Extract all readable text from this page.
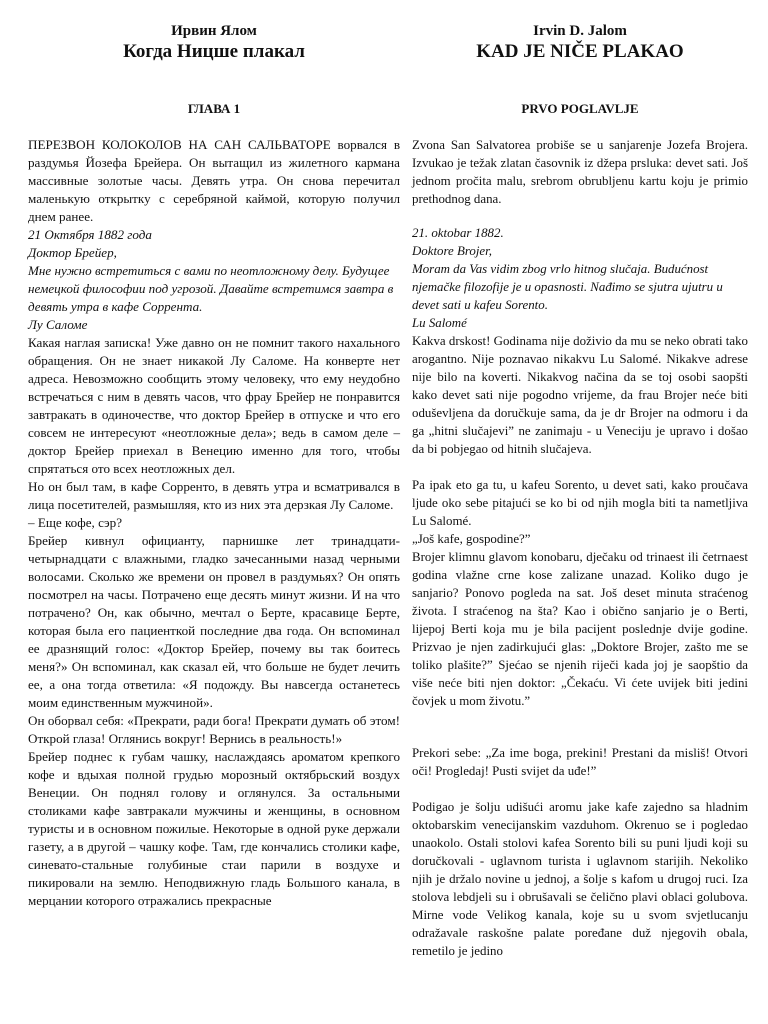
Ирвин Ялом
Когда Ницше плакал
ГЛАВА 1

ПЕРЕЗВОН КОЛОКОЛОВ НА САН САЛЬВАТОРЕ ворвался в раздумья Йозефа Брейера. Он вытащил из жилетного кармана массивные золотые часы. Девять утра. Он снова перечитал маленькую открытку с серебряной каймой, которую получил днем ранее.

21 Октября 1882 года

Доктор Брейер,

Мне нужно встретиться с вами по неотложному делу. Будущее немецкой философии под угрозой. Давайте встретимся завтра в девять утра в кафе Соррента.

Лу Саломе

Какая наглая записка! Уже давно он не помнит такого нахального обращения. Он не знает никакой Лу Саломе. На конверте нет адреса. Невозможно сообщить этому человеку, что ему неудобно встречаться с ним в девять часов, что фрау Брейер не понравится завтракать в одиночестве, что доктор Брейер в отпуске и что его совсем не интересуют «неотложные дела»; ведь в самом деле – доктор Брейер приехал в Венецию именно для того, чтобы спрятаться ото всех неотложных дел.

Но он был там, в кафе Сорренто, в девять утра и всматривался в лица посетителей, размышляя, кто из них эта дерзкая Лу Саломе.

– Еще кофе, сэр?

Брейер кивнул официанту, парнишке лет тринадцати-четырнадцати с влажными, гладко зачесанными назад черными волосами. Сколько же времени он провел в раздумьях? Он опять посмотрел на часы. Потрачено еще десять минут жизни. И на что потрачено? Он, как обычно, мечтал о Берте, красавице Берте, которая была его пациенткой последние два года. Он вспоминал ее дразнящий голос: «Доктор Брейер, почему вы так боитесь меня?» Он вспоминал, как сказал ей, что больше не будет лечить ее, а она тогда ответила: «Я подожду. Вы навсегда останетесь моим единственным мужчиной».

Он оборвал себя: «Прекрати, ради бога! Прекрати думать об этом! Открой глаза! Оглянись вокруг! Вернись в реальность!»

Брейер поднес к губам чашку, наслаждаясь ароматом крепкого кофе и вдыхая полной грудью морозный октябрьский воздух Венеции. Он поднял голову и оглянулся. За остальными столиками кафе завтракали мужчины и женщины, в основном туристы и в основном пожилые. Некоторые в одной руке держали газету, а в другой – чашку кофе. Там, где кончались столики кафе, синевато-стальные голубиные стаи парили в воздухе и пикировали на землю. Неподвижную гладь Большого канала, в мерцании которого отражались прекрасные

Irvin D. Jalom
KAD JE NIČE PLAKAO
PRVO POGLAVLJE

Zvona San Salvatorea probiše se u sanjarenje Jozefa Brojera. Izvukao je težak zlatan časovnik iz džepa prsluka: devet sati. Još jednom pročita malu, srebrom obrubljenu kartu koju je primio prethodnog dana.

21. oktobar 1882.

Doktore Brojer,

Moram da Vas vidim zbog vrlo hitnog slučaja. Budućnost njemačke filozofije je u opasnosti. Nađimo se sjutra ujutru u devet sati u kafeu Sorento.

Lu Salomé

Kakva drskost! Godinama nije doživio da mu se neko obrati tako arogantno. Nije poznavao nikakvu Lu Salomé. Nikakve adrese nije bilo na koverti. Nikakvog načina da se toj osobi saopšti kako devet sati nije pogodno vrijeme, da frau Brojer neće biti oduševljena da doručkuje sama, da je dr Brojer na odmoru i da ga „hitni slučajevi” ne zanimaju - u Veneciju je upravo i došao da bi pobjegao od hitnih slučajeva.

Pa ipak eto ga tu, u kafeu Sorento, u devet sati, kako proučava ljude oko sebe pitajući se ko bi od njih mogla biti ta nametljiva Lu Salomé.

„Još kafe, gospodine?”

Brojer klimnu glavom konobaru, dječaku od trinaest ili četrnaest godina vlažne crne kose zalizane unazad. Koliko dugo je sanjario? Ponovo pogleda na sat. Još deset minuta straćenog života. I straćenog na šta? Kao i obično sanjario je o Berti, lijepoj Berti koja mu je bila pacijent poslednje dvije godine. Prizvao je njen zadirkujući glas: „Doktore Brojer, zašto me se toliko plašite?” Sjećao se njenih riječi kada joj je saopštio da više neće biti njen doktor: „Čekaću. Vi ćete uvijek biti jedini čovjek u mom životu.”

Prekori sebe: „Za ime boga, prekini! Prestani da misliš! Otvori oči! Progledaj! Pusti svijet da uđe!”

Podigao je šolju udišući aromu jake kafe zajedno sa hladnim oktobarskim venecijanskim vazduhom. Okrenuo se i pogledao unaokolo. Ostali stolovi kafea Sorento bili su puni ljudi koji su doručkovali - uglavnom turista i uglavnom starijih. Nekoliko njih je držalo novine u jednoj, a šolje s kafom u drugoj ruci. Iza stolova lebdjeli su i obrušavali se čelično plavi oblaci golubova. Mirne vode Velikog kanala, koje su u svom svjetlucanju odražavale raskošne palate poređane duž njegovih obala, remetilo je jedino
